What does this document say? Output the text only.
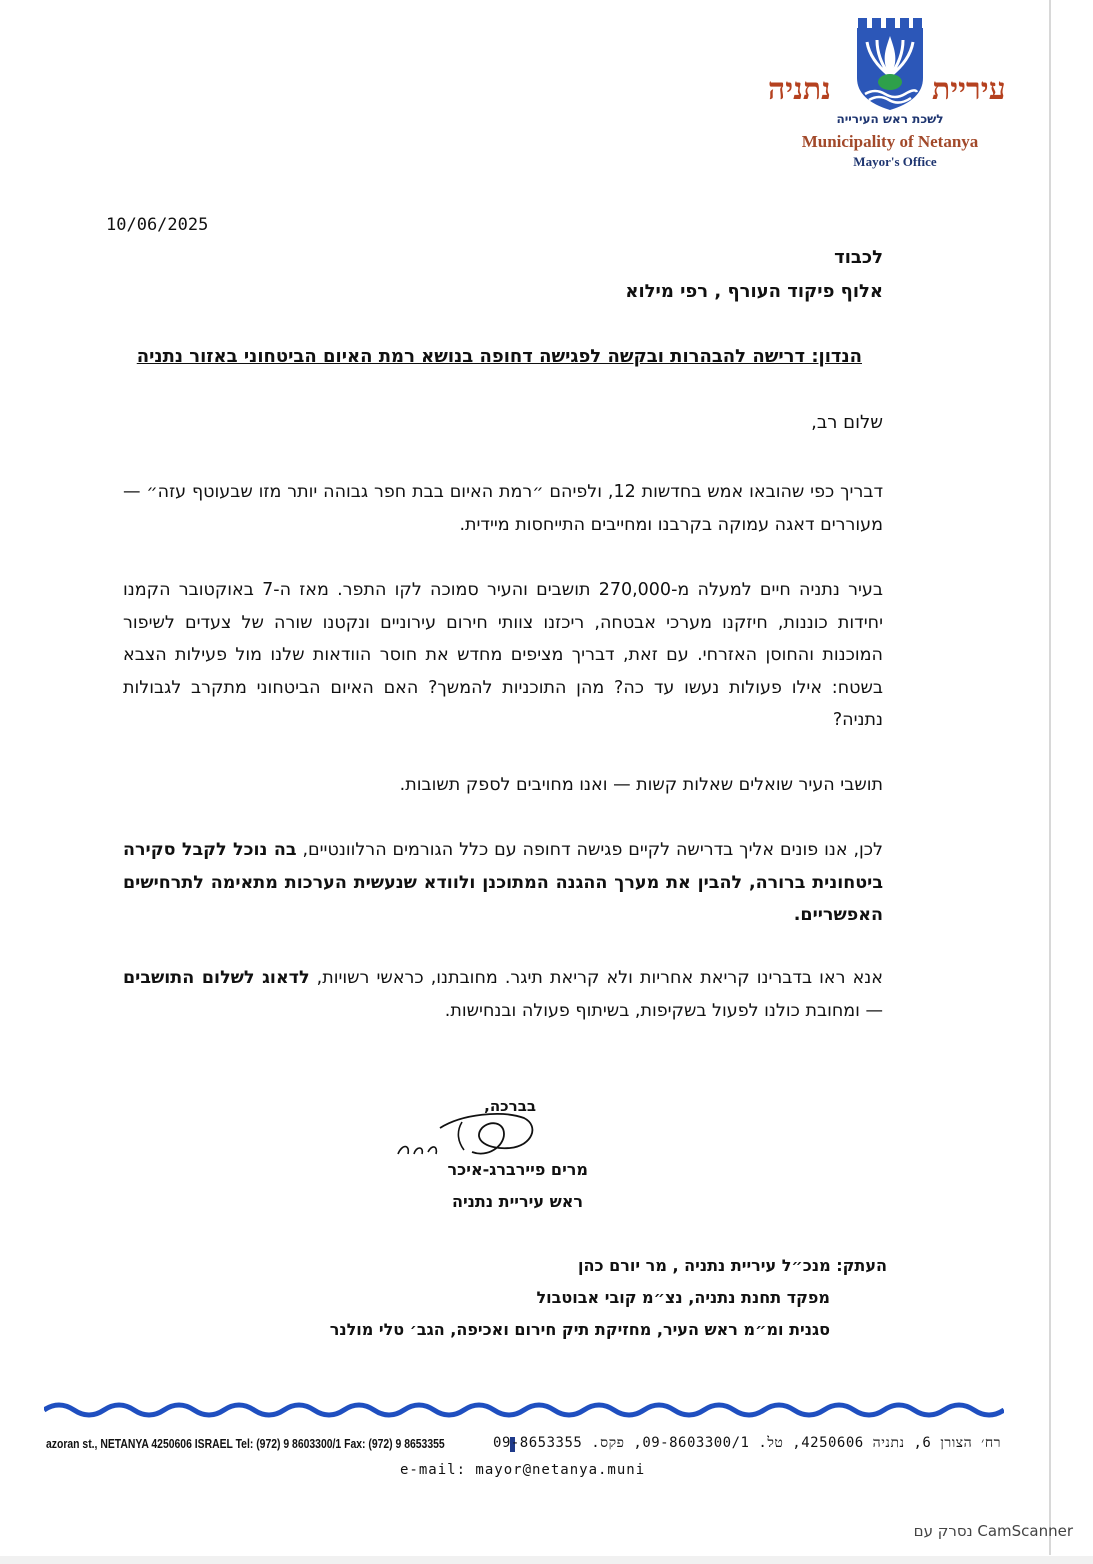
נתניה	עיריית
לשכת ראש העירייה
Municipality of Netanya
Mayor's Office
10/06/2025
לכבוד
אלוף פיקוד העורף , רפי מילוא
הנדון: דרישה להבהרות ובקשה לפגישה דחופה בנושא רמת האיום הביטחוני באזור נתניה
שלום רב,
דבריך כפי שהובאו אמש בחדשות 12, ולפיהם ״רמת האיום בבת חפר גבוהה יותר מזו שבעוטף עזה״ — מעוררים דאגה עמוקה בקרבנו ומחייבים התייחסות מיידית.
בעיר נתניה חיים למעלה מ-270,000 תושבים והעיר סמוכה לקו התפר. מאז ה-7 באוקטובר הקמנו יחידות כוננות, חיזקנו מערכי אבטחה, ריכזנו צוותי חירום עירוניים ונקטנו שורה של צעדים לשיפור המוכנות והחוסן האזרחי. עם זאת, דבריך מציפים מחדש את חוסר הוודאות שלנו מול פעילות הצבא בשטח: אילו פעולות נעשו עד כה? מהן התוכניות להמשך? האם האיום הביטחוני מתקרב לגבולות נתניה?
תושבי העיר שואלים שאלות קשות — ואנו מחויבים לספק תשובות.
לכן, אנו פונים אליך בדרישה לקיים פגישה דחופה עם כלל הגורמים הרלוונטיים, בה נוכל לקבל סקירה ביטחונית ברורה, להבין את מערך ההגנה המתוכנן ולוודא שנעשית הערכות מתאימה לתרחישים האפשריים.
אנא ראו בדברינו קריאת אחריות ולא קריאת תיגר. מחובתנו, כראשי רשויות, לדאוג לשלום התושבים — ומחובת כולנו לפעול בשקיפות, בשיתוף פעולה ובנחישות.
בברכה,
מרים פיירברג-איכר
ראש עיריית נתניה
העתק: מנכ״ל עיריית נתניה , מר יורם כהן
מפקד תחנת נתניה, נצ״מ קובי אבוטבול
סגנית ומ״מ ראש העיר, מחזיקת תיק חירום ואכיפה, הגב׳ טלי מולנר
azoran st., NETANYA 4250606 ISRAEL Tel: (972) 9 8603300/1 Fax: (972) 9 8653355	רח׳ הצורן 6, נתניה 4250606, טל. 09-8603300/1, פקס. 09-8653355
e-mail: mayor@netanya.muni
נסרק עם CamScanner
